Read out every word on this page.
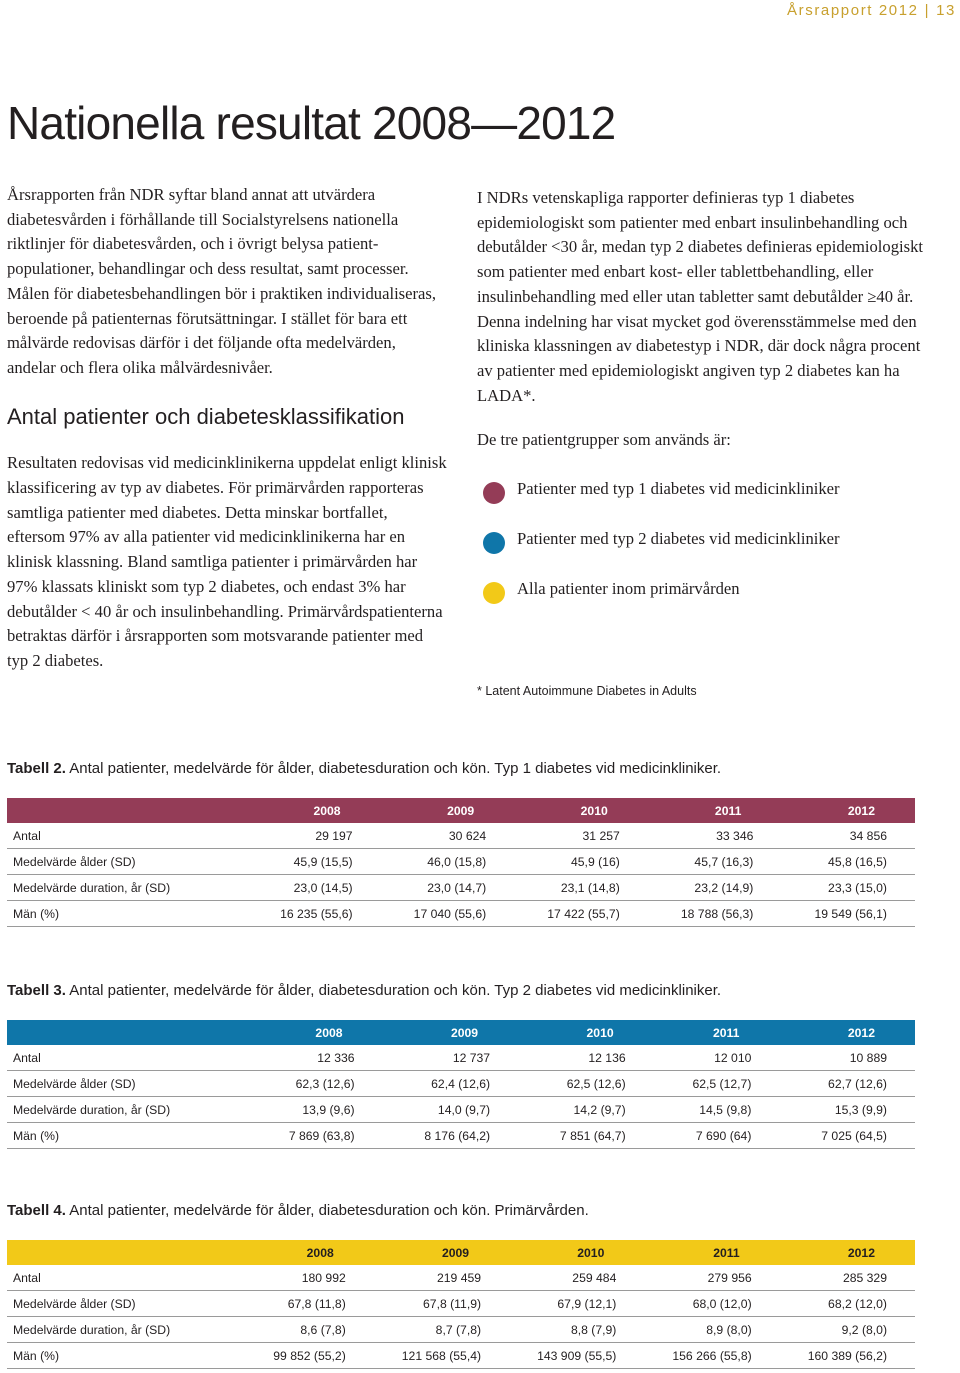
Årsrapport 2012 | 13
Nationella resultat 2008—2012

Årsrapporten från NDR syftar bland annat att utvärdera diabetesvården i förhållande till Socialstyrelsens nationella riktlinjer för diabetesvården, och i övrigt belysa patientpopulationer, behandlingar och dess resultat, samt processer. Målen för diabetesbehandlingen bör i praktiken individualiseras, beroende på patienternas förutsättningar. I stället för bara ett målvärde redovisas därför i det följande ofta medelvärden, andelar och flera olika målvärdesnivåer.

Antal patienter och diabetesklassifikation

Resultaten redovisas vid medicinklinikerna uppdelat enligt klinisk klassificering av typ av diabetes. För primärvården rapporteras samtliga patienter med diabetes. Detta minskar bortfallet, eftersom 97% av alla patienter vid medicinklinikerna har en klinisk klassning. Bland samtliga patienter i primärvården har 97% klassats kliniskt som typ 2 diabetes, och endast 3% har debutålder < 40 år och insulinbehandling. Primärvårdspatienterna betraktas därför i årsrapporten som motsvarande patienter med typ 2 diabetes.

I NDRs vetenskapliga rapporter definieras typ 1 diabetes epidemiologiskt som patienter med enbart insulinbehandling och debutålder <30 år, medan typ 2 diabetes definieras epidemiologiskt som patienter med enbart kost- eller tablettbehandling, eller insulinbehandling med eller utan tabletter samt debutålder ≥40 år. Denna indelning har visat mycket god överensstämmelse med den kliniska klassningen av diabetestyp i NDR, där dock några procent av patienter med epidemiologiskt angiven typ 2 diabetes kan ha LADA*.

De tre patientgrupper som används är:

Patienter med typ 1 diabetes vid medicinkliniker
Patienter med typ 2 diabetes vid medicinkliniker
Alla patienter inom primärvården
* Latent Autoimmune Diabetes in Adults
Tabell 2. Antal patienter, medelvärde för ålder, diabetesduration och kön. Typ 1 diabetes vid medicinkliniker.
	2008	2009	2010	2011	2012
Antal	29 197	30 624	31 257	33 346	34 856
Medelvärde ålder (SD)	45,9 (15,5)	46,0 (15,8)	45,9 (16)	45,7 (16,3)	45,8 (16,5)
Medelvärde duration, år (SD)	23,0 (14,5)	23,0 (14,7)	23,1 (14,8)	23,2 (14,9)	23,3 (15,0)
Män (%)	16 235 (55,6)	17 040 (55,6)	17 422 (55,7)	18 788 (56,3)	19 549 (56,1)
Tabell 3. Antal patienter, medelvärde för ålder, diabetesduration och kön. Typ 2 diabetes vid medicinkliniker.
	2008	2009	2010	2011	2012
Antal	12 336	12 737	12 136	12 010	10 889
Medelvärde ålder (SD)	62,3 (12,6)	62,4 (12,6)	62,5 (12,6)	62,5 (12,7)	62,7 (12,6)
Medelvärde duration, år (SD)	13,9 (9,6)	14,0 (9,7)	14,2 (9,7)	14,5 (9,8)	15,3 (9,9)
Män (%)	7 869 (63,8)	8 176 (64,2)	7 851 (64,7)	7 690 (64)	7 025 (64,5)
Tabell 4. Antal patienter, medelvärde för ålder, diabetesduration och kön. Primärvården.
	2008	2009	2010	2011	2012
Antal	180 992	219 459	259 484	279 956	285 329
Medelvärde ålder (SD)	67,8 (11,8)	67,8 (11,9)	67,9 (12,1)	68,0 (12,0)	68,2 (12,0)
Medelvärde duration, år (SD)	8,6 (7,8)	8,7 (7,8)	8,8 (7,9)	8,9 (8,0)	9,2 (8,0)
Män (%)	99 852 (55,2)	121 568 (55,4)	143 909 (55,5)	156 266 (55,8)	160 389 (56,2)
